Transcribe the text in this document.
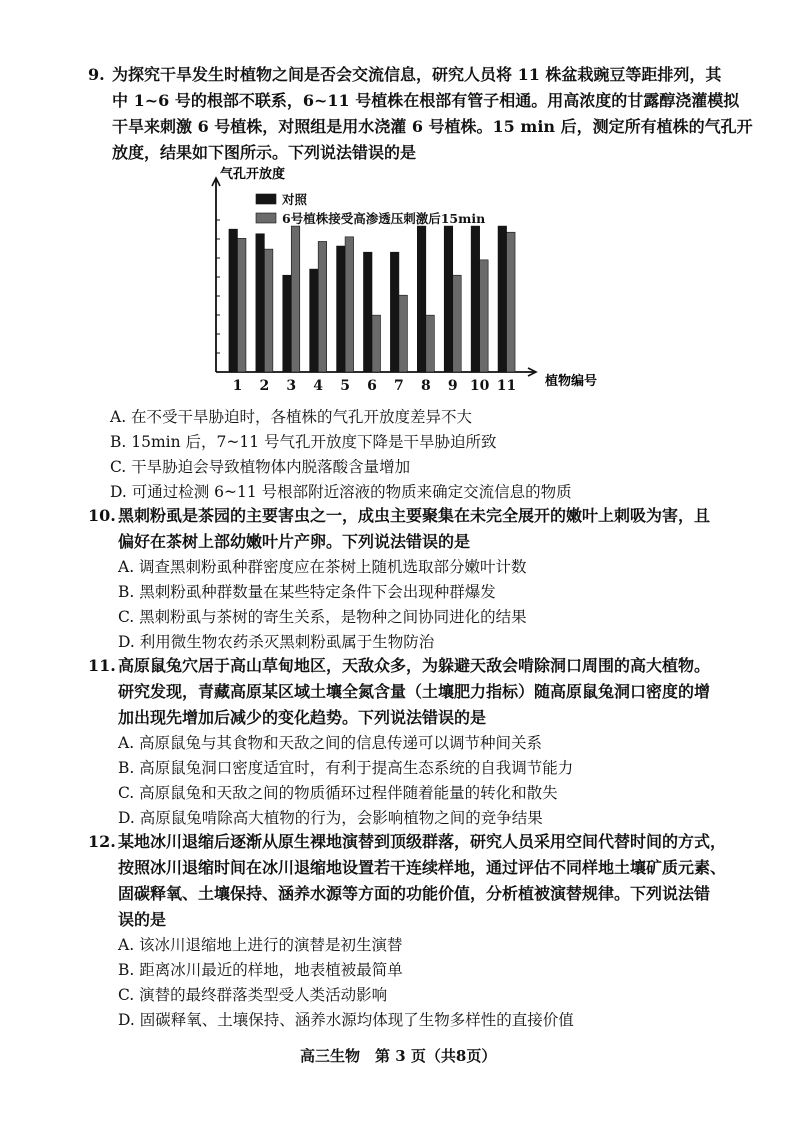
9. 为探究干旱发生时植物之间是否会交流信息，研究人员将 11 株盆栽豌豆等距排列，其
中 1~6 号的根部不联系，6~11 号植株在根部有管子相通。用高浓度的甘露醇浇灌模拟
干旱来刺激 6 号植株，对照组是用水浇灌 6 号植株。15 min 后，测定所有植株的气孔开
放度，结果如下图所示。下列说法错误的是
1 2 3 4 5 6 7 8 9 10 11
对照
6号植株接受高渗透压刺激后15min
气孔开放度
植物编号
A. 在不受干旱胁迫时，各植株的气孔开放度差异不大
B. 15min 后，7~11 号气孔开放度下降是干旱胁迫所致
C. 干旱胁迫会导致植物体内脱落酸含量增加
D. 可通过检测 6~11 号根部附近溶液的物质来确定交流信息的物质
10. 黑刺粉虱是茶园的主要害虫之一，成虫主要聚集在未完全展开的嫩叶上刺吸为害，且
偏好在茶树上部幼嫩叶片产卵。下列说法错误的是
A. 调查黑刺粉虱种群密度应在茶树上随机选取部分嫩叶计数
B. 黑刺粉虱种群数量在某些特定条件下会出现种群爆发
C. 黑刺粉虱与茶树的寄生关系，是物种之间协同进化的结果
D. 利用微生物农药杀灭黑刺粉虱属于生物防治
11. 高原鼠兔穴居于高山草甸地区，天敌众多，为躲避天敌会啃除洞口周围的高大植物。
研究发现，青藏高原某区域土壤全氮含量（土壤肥力指标）随高原鼠兔洞口密度的增
加出现先增加后减少的变化趋势。下列说法错误的是
A. 高原鼠兔与其食物和天敌之间的信息传递可以调节种间关系
B. 高原鼠兔洞口密度适宜时，有利于提高生态系统的自我调节能力
C. 高原鼠兔和天敌之间的物质循环过程伴随着能量的转化和散失
D. 高原鼠兔啃除高大植物的行为，会影响植物之间的竞争结果
12. 某地冰川退缩后逐渐从原生裸地演替到顶级群落，研究人员采用空间代替时间的方式，
按照冰川退缩时间在冰川退缩地设置若干连续样地，通过评估不同样地土壤矿质元素、
固碳释氧、土壤保持、涵养水源等方面的功能价值，分析植被演替规律。下列说法错
误的是
A. 该冰川退缩地上进行的演替是初生演替
B. 距离冰川最近的样地，地表植被最简单
C. 演替的最终群落类型受人类活动影响
D. 固碳释氧、土壤保持、涵养水源均体现了生物多样性的直接价值
高三生物　第 3 页（共8页）
